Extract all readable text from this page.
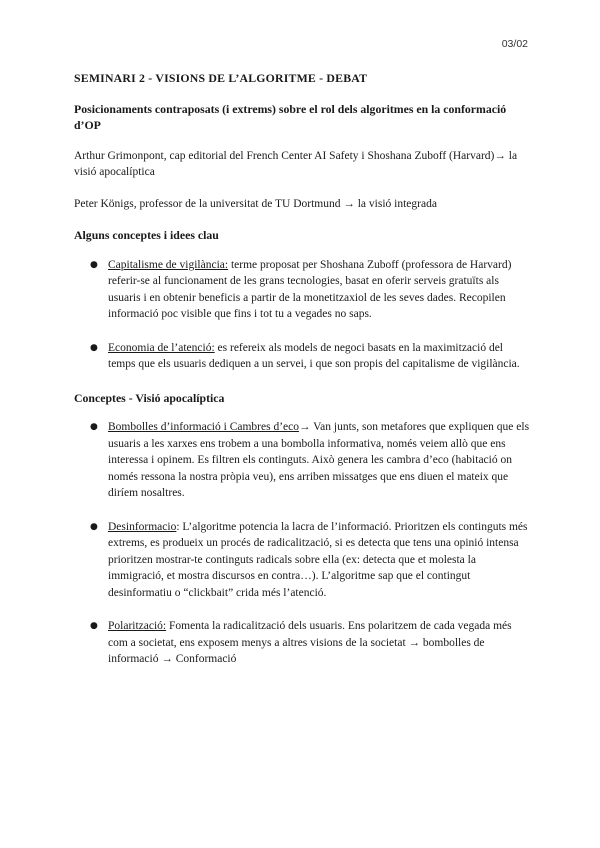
03/02
SEMINARI 2 - VISIONS DE L’ALGORITME - DEBAT
Posicionaments contraposats (i extrems) sobre el rol dels algoritmes en la conformació d’OP

Arthur Grimonpont, cap editorial del French Center AI Safety i Shoshana Zuboff (Harvard)→ la visió apocalíptica

Peter Königs, professor de la universitat de TU Dortmund → la visió integrada

Alguns conceptes i idees clau
● Capitalisme de vigilància: terme proposat per Shoshana Zuboff (professora de Harvard) referir-se al funcionament de les grans tecnologies, basat en oferir serveis gratuïts als usuaris i en obtenir beneficis a partir de la monetitzaxiol de les seves dades. Recopilen informació poc visible que fins i tot tu a vegades no saps.
● Economia de l’atenció: es refereix als models de negoci basats en la maximització del temps que els usuaris dediquen a un servei, i que son propis del capitalisme de vigilància.
Conceptes - Visió apocalíptica
● Bombolles d’informació i Cambres d’eco→ Van junts, son metafores que expliquen que els usuaris a les xarxes ens trobem a una bombolla informativa, només veiem allò que ens interessa i opinem. Es filtren els continguts. Això genera les cambra d’eco (habitació on només ressona la nostra pròpia veu), ens arriben missatges que ens diuen el mateix que diríem nosaltres.
● Desinformacio: L’algoritme potencia la lacra de l’informació. Prioritzen els continguts més extrems, es produeix un procés de radicalització, si es detecta que tens una opinió intensa prioritzen mostrar-te continguts radicals sobre ella (ex: detecta que et molesta la immigració, et mostra discursos en contra…). L’algoritme sap que el contingut desinformatiu o “clickbait” crida més l’atenció.
● Polarització: Fomenta la radicalització dels usuaris. Ens polaritzem de cada vegada més com a societat, ens exposem menys a altres visions de la societat → bombolles de informació → Conformació
